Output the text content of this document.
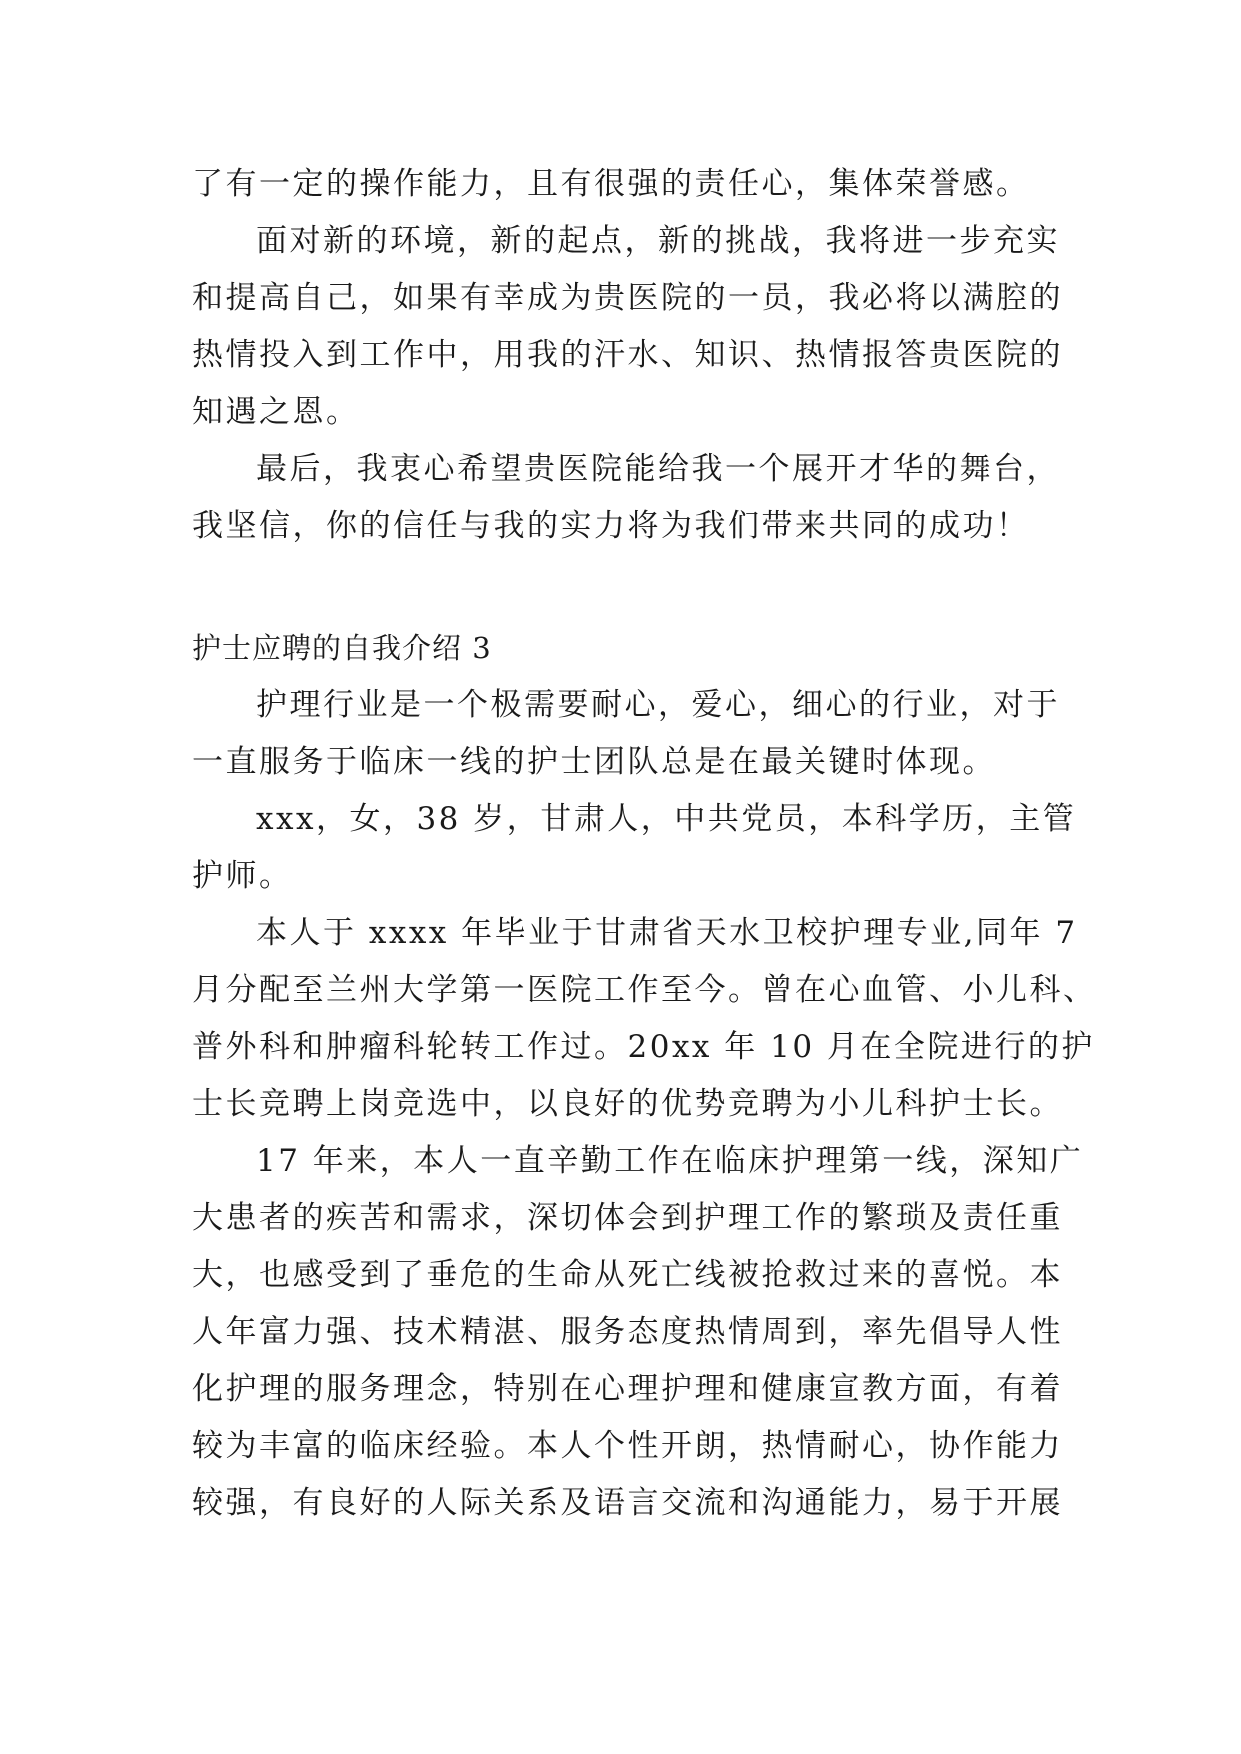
了有一定的操作能力，且有很强的责任心，集体荣誉感。
面对新的环境，新的起点，新的挑战，我将进一步充实
和提高自己，如果有幸成为贵医院的一员，我必将以满腔的
热情投入到工作中，用我的汗水、知识、热情报答贵医院的
知遇之恩。
最后，我衷心希望贵医院能给我一个展开才华的舞台，
我坚信，你的信任与我的实力将为我们带来共同的成功！
护士应聘的自我介绍 3
护理行业是一个极需要耐心，爱心，细心的行业，对于
一直服务于临床一线的护士团队总是在最关键时体现。
xxx，女，38 岁，甘肃人，中共党员，本科学历，主管
护师。
本人于 xxxx 年毕业于甘肃省天水卫校护理专业,同年 7
月分配至兰州大学第一医院工作至今。曾在心血管、小儿科、
普外科和肿瘤科轮转工作过。20xx 年 10 月在全院进行的护
士长竞聘上岗竞选中，以良好的优势竞聘为小儿科护士长。
17 年来，本人一直辛勤工作在临床护理第一线，深知广
大患者的疾苦和需求，深切体会到护理工作的繁琐及责任重
大，也感受到了垂危的生命从死亡线被抢救过来的喜悦。本
人年富力强、技术精湛、服务态度热情周到，率先倡导人性
化护理的服务理念，特别在心理护理和健康宣教方面，有着
较为丰富的临床经验。本人个性开朗，热情耐心，协作能力
较强，有良好的人际关系及语言交流和沟通能力，易于开展
